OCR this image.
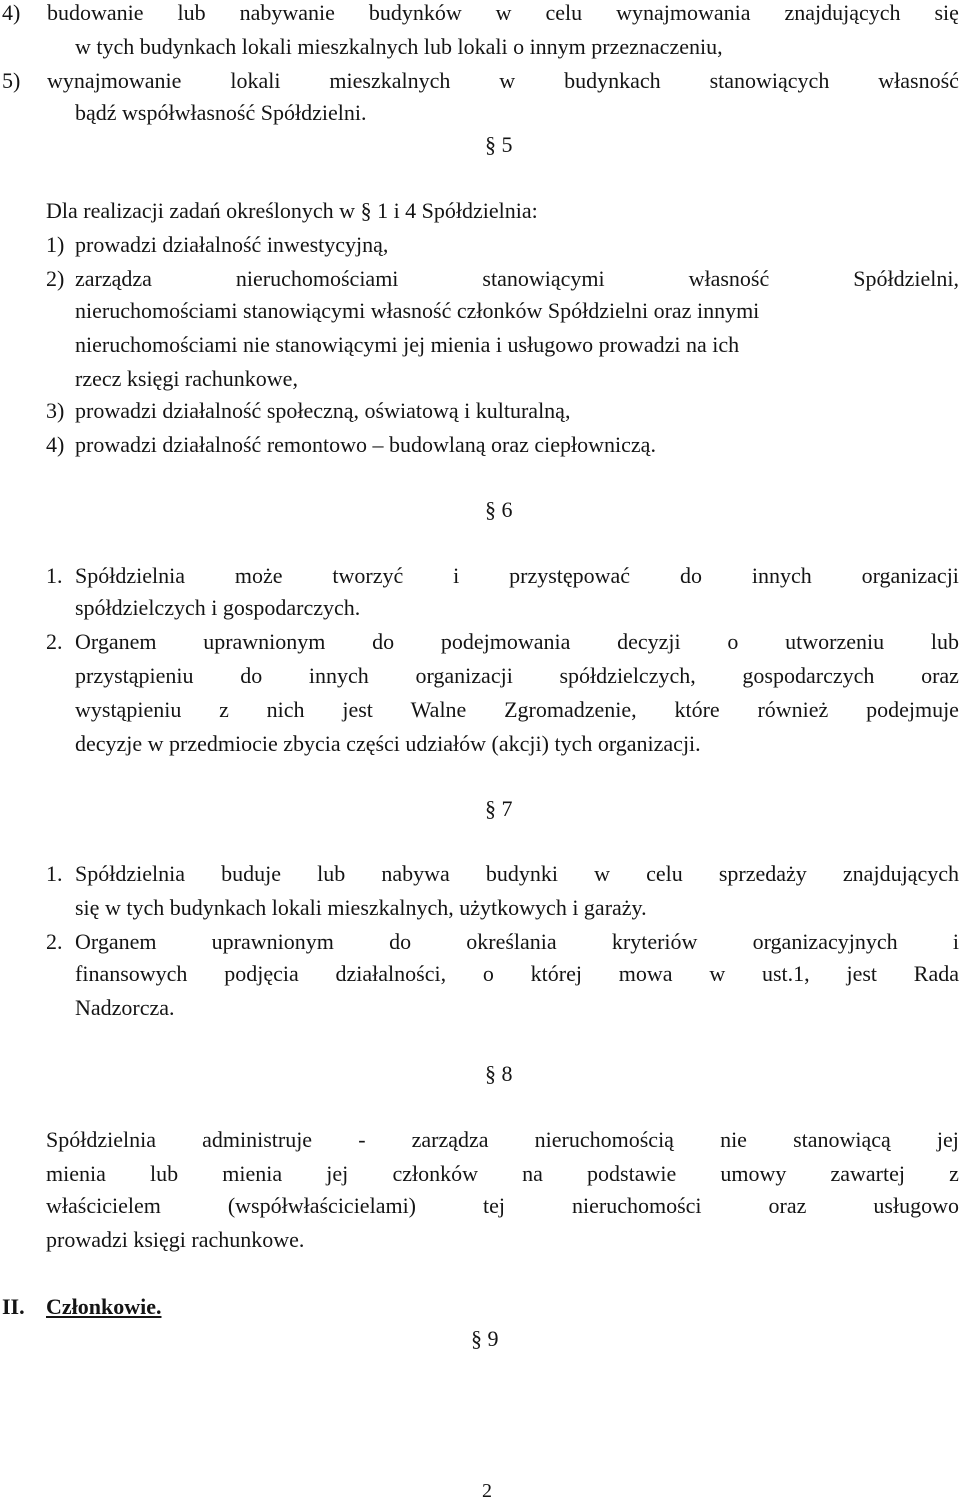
4) budowanie lub nabywanie budynków w celu wynajmowania znajdujących się
w tych budynkach lokali mieszkalnych lub lokali o innym przeznaczeniu,
5) wynajmowanie lokali mieszkalnych w budynkach stanowiących własność
bądź współwłasność Spółdzielni.
§ 5
Dla realizacji zadań określonych w § 1 i 4 Spółdzielnia:
1) prowadzi działalność inwestycyjną,
2) zarządza	nieruchomościami	stanowiącymi	własność	Spółdzielni,
nieruchomościami stanowiącymi własność członków Spółdzielni oraz innymi
nieruchomościami nie stanowiącymi jej mienia i usługowo prowadzi na ich
rzecz księgi rachunkowe,
3) prowadzi działalność społeczną, oświatową i kulturalną,
4) prowadzi działalność remontowo – budowlaną oraz ciepłowniczą.
§ 6
1. Spółdzielnia może tworzyć i przystępować do innych organizacji
spółdzielczych i gospodarczych.
2. Organem uprawnionym do podejmowania decyzji o utworzeniu lub
przystąpieniu do innych organizacji spółdzielczych, gospodarczych oraz
wystąpieniu z nich jest Walne Zgromadzenie, które również podejmuje
decyzje w przedmiocie zbycia części udziałów (akcji) tych organizacji.
§ 7
1. Spółdzielnia buduje lub nabywa budynki w celu sprzedaży znajdujących
się w tych budynkach lokali mieszkalnych, użytkowych i garaży.
2. Organem	uprawnionym	do	określania	kryteriów	organizacyjnych	i
finansowych podjęcia działalności, o której mowa w ust.1, jest Rada
Nadzorcza.
§ 8
Spółdzielnia administruje - zarządza nieruchomością nie stanowiącą jej
mienia lub mienia jej członków na podstawie umowy zawartej z
właścicielem	(współwłaścicielami)	tej	nieruchomości	oraz	usługowo
prowadzi księgi rachunkowe.
II. Członkowie.
§ 9
2
